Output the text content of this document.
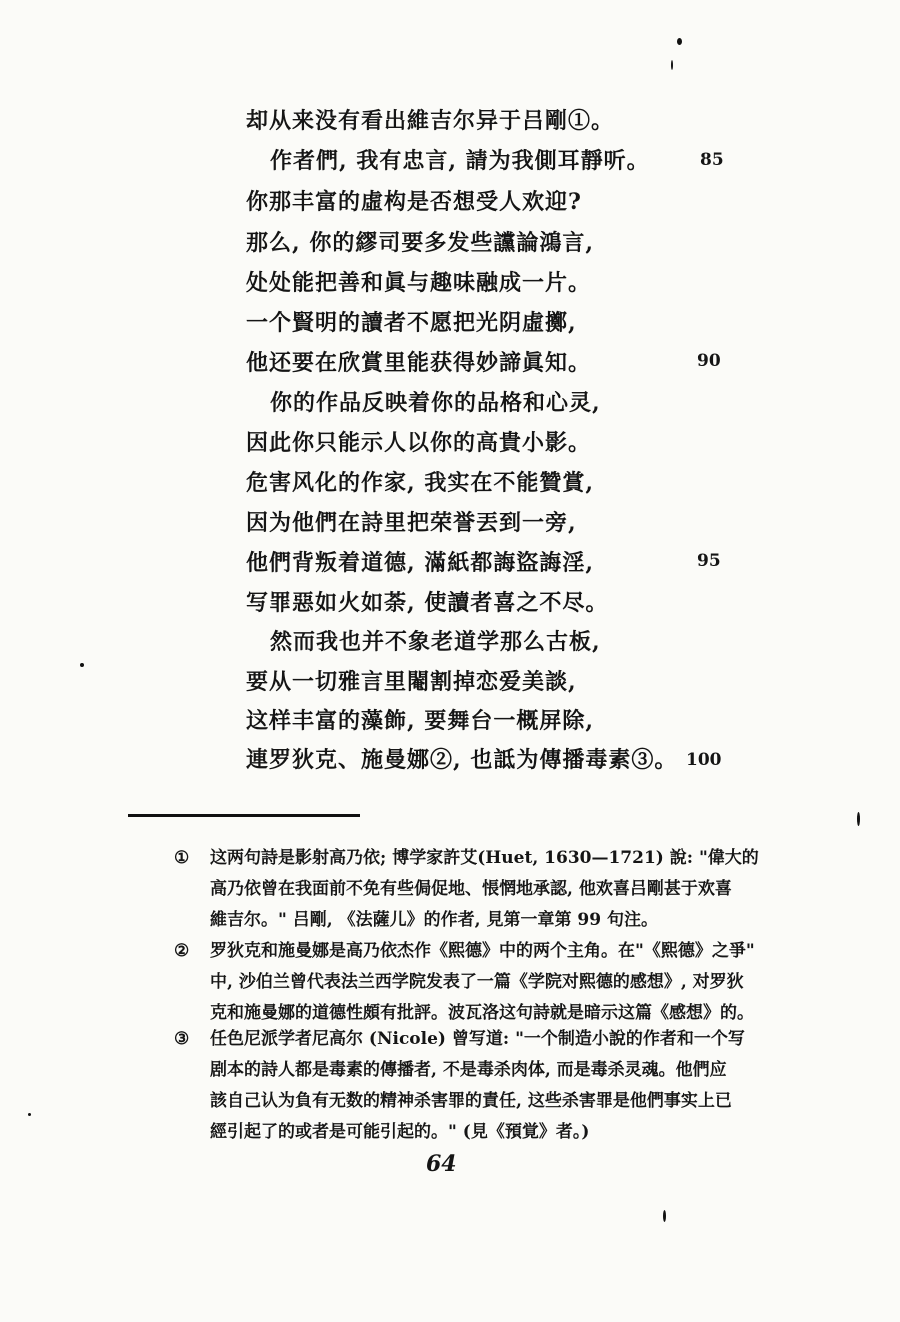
却从来没有看出維吉尔异于吕剛①。
作者們, 我有忠言, 請为我側耳靜听。
你那丰富的虛构是否想受人欢迎?
那么, 你的繆司要多发些讜論鴻言,
处处能把善和眞与趣味融成一片。
一个賢明的讀者不愿把光阴虛擲,
他还要在欣賞里能获得妙諦眞知。
你的作品反映着你的品格和心灵,
因此你只能示人以你的高貴小影。
危害风化的作家, 我实在不能贊賞,
因为他們在詩里把荣誉丟到一旁,
他們背叛着道德, 滿紙都誨盜誨淫,
写罪惡如火如荼, 使讀者喜之不尽。
然而我也并不象老道学那么古板,
要从一切雅言里閹割掉恋爱美談,
这样丰富的藻飾, 要舞台一概屏除,
連罗狄克、施曼娜②, 也詆为傳播毒素③。
85
90
95
100
① 这两句詩是影射高乃依; 博学家許艾(Huet, 1630—1721) 說: "偉大的
高乃依曾在我面前不免有些侷促地、悵惘地承認, 他欢喜吕剛甚于欢喜
維吉尔。" 吕剛, 《法薩儿》的作者, 見第一章第 99 句注。
② 罗狄克和施曼娜是高乃依杰作《熙德》中的两个主角。在"《熙德》之爭"
中, 沙伯兰曾代表法兰西学院发表了一篇《学院对熙德的感想》, 对罗狄
克和施曼娜的道德性頗有批評。波瓦洛这句詩就是暗示这篇《感想》的。
③ 任色尼派学者尼高尔 (Nicole) 曾写道: "一个制造小說的作者和一个写
剧本的詩人都是毒素的傳播者, 不是毒杀肉体, 而是毒杀灵魂。他們应
該自己认为負有无数的精神杀害罪的責任, 这些杀害罪是他們事实上已
經引起了的或者是可能引起的。" (見《預覚》者。)
64
